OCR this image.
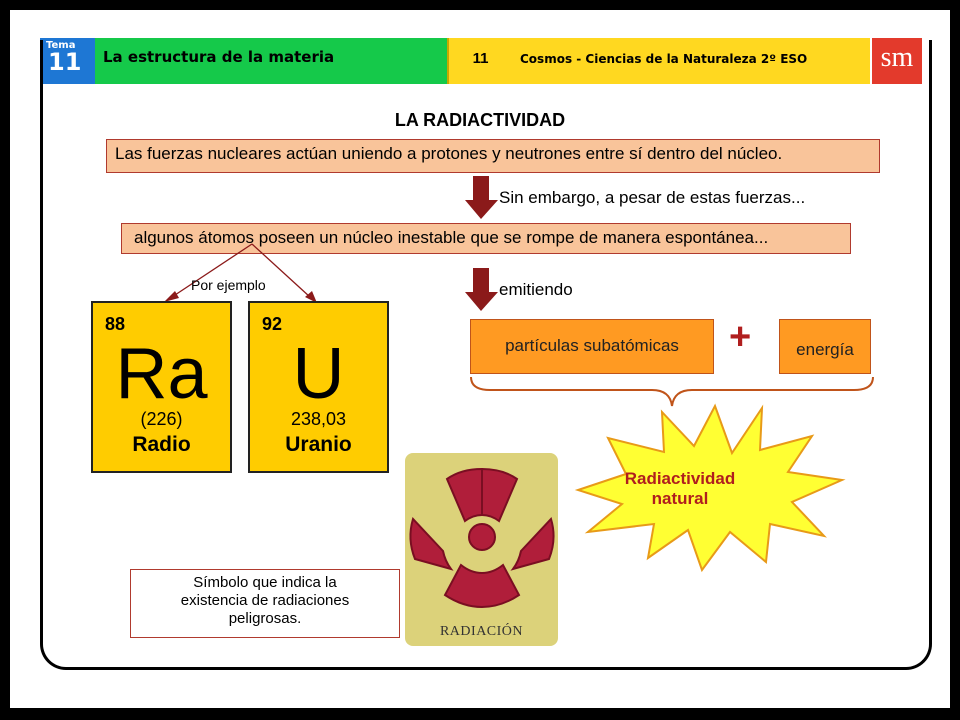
Tema
11 La estructura de la materia	11	Cosmos - Ciencias de la Naturaleza 2º ESO	sm
LA RADIACTIVIDAD
Las fuerzas nucleares actúan uniendo a protones y neutrones entre sí dentro del núcleo.
Sin embargo, a pesar de estas fuerzas...
algunos átomos poseen un núcleo inestable que se rompe de manera espontánea...
Por ejemplo
88
Ra
(226)
Radio
92
U
238,03
Uranio
emitiendo
partículas subatómicas	+	energía
Radiactividad
natural
RADIACIÓN
Símbolo que indica la
existencia de radiaciones
peligrosas.
